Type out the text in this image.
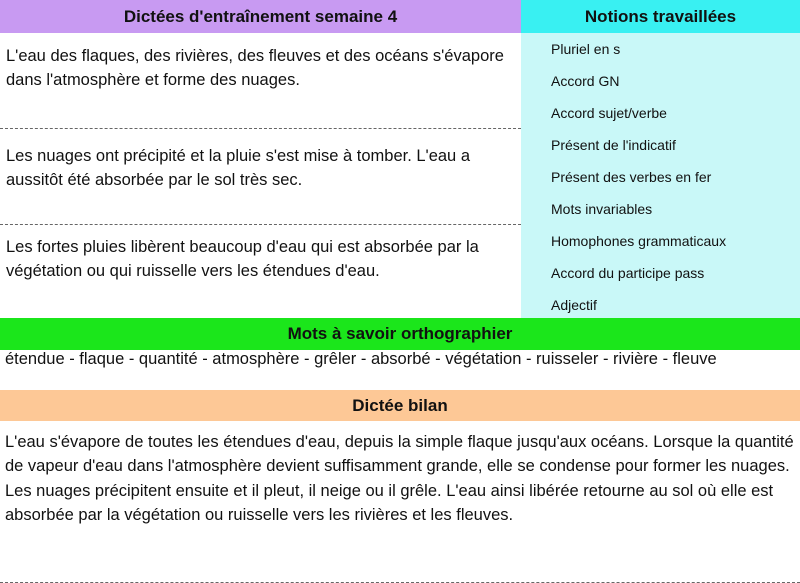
Dictées d'entraînement semaine 4	Notions travaillées
L'eau des flaques, des rivières, des fleuves et des océans s'évapore dans l'atmosphère et forme des nuages.
Les nuages ont précipité et la pluie s'est mise à tomber. L'eau a aussitôt été absorbée par le sol très sec.
Les fortes pluies libèrent beaucoup d'eau qui est absorbée par la végétation ou qui ruisselle vers les étendues d'eau.
Pluriel en s
Accord GN
Accord sujet/verbe
Présent de l'indicatif
Présent des verbes en fer
Mots invariables
Homophones grammaticaux
Accord du participe pass
Adjectif
Mots à savoir orthographier
étendue - flaque - quantité - atmosphère - grêler - absorbé - végétation - ruisseler - rivière - fleuve
Dictée bilan
L'eau s'évapore de toutes les étendues d'eau, depuis la simple flaque jusqu'aux océans. Lorsque la quantité de vapeur d'eau dans l'atmosphère devient suffisamment grande, elle se condense pour former les nuages. Les nuages précipitent ensuite et il pleut, il neige ou il grêle. L'eau ainsi libérée retourne au sol où elle est absorbée par la végétation ou ruisselle vers les rivières et les fleuves.
